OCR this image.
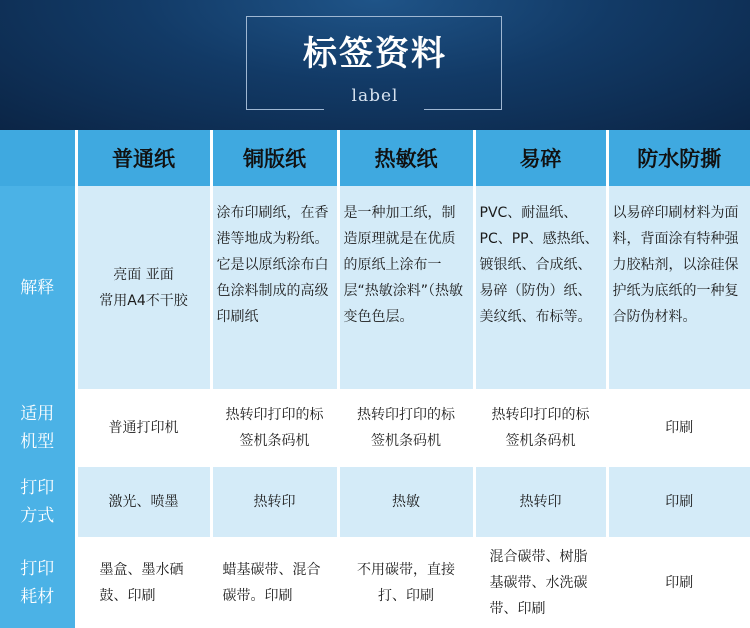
标签资料
label
	普通纸	铜版纸	热敏纸	易碎	防水防撕

解释	亮面 亚面
常用A4不干胶	涂布印刷纸，在香港等地成为粉纸。它是以原纸涂布白色涂料制成的高级印刷纸	是一种加工纸，制造原理就是在优质的原纸上涂布一层“热敏涂料”（热敏变色色层。	PVC、耐温纸、PC、PP、感热纸、镀银纸、合成纸、易碎（防伪）纸、美纹纸、布标等。	以易碎印刷材料为面料，背面涂有特种强力胶粘剂，以涂硅保护纸为底纸的一种复合防伪材料。

适用机型	普通打印机	热转印打印的标签机条码机	热转印打印的标签机条码机	热转印打印的标签机条码机	印刷

打印方式	激光、喷墨	热转印	热敏	热转印	印刷

打印耗材	墨盒、墨水硒鼓、印刷	蜡基碳带、混合碳带。印刷	不用碳带，直接打、印刷	混合碳带、树脂基碳带、水洗碳带、印刷	印刷
